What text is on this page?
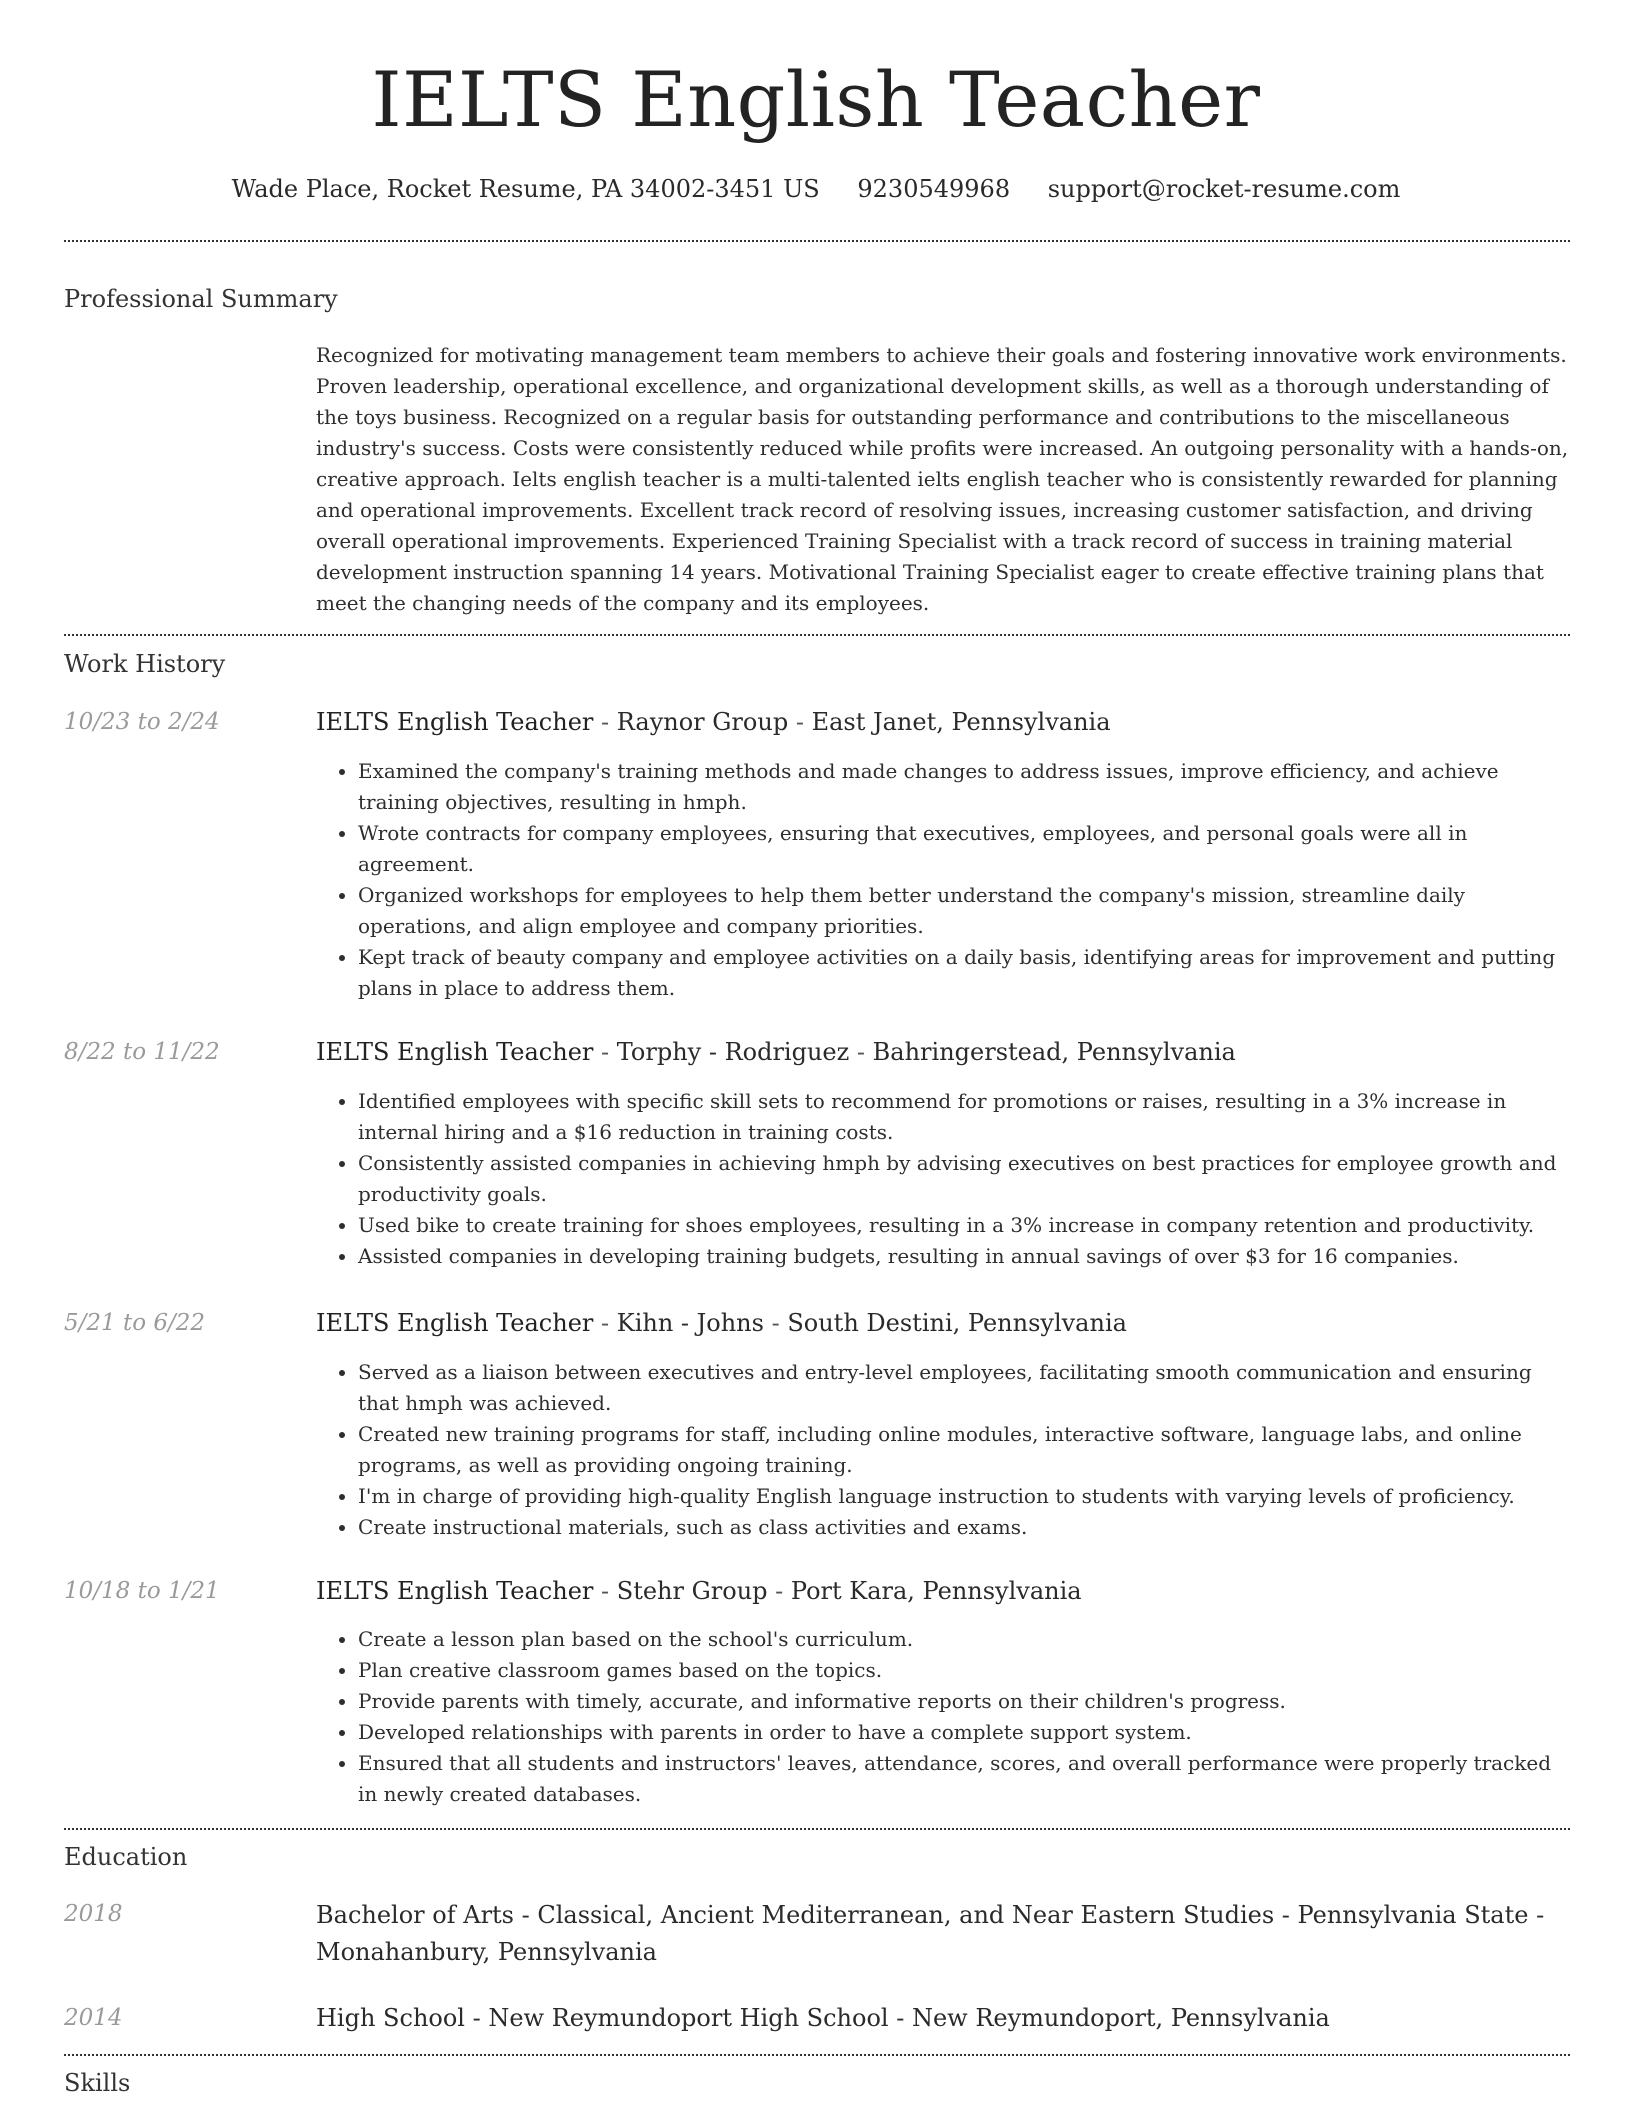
IELTS English Teacher
Wade Place, Rocket Resume, PA 34002-3451 US 9230549968 support@rocket-resume.com
Professional Summary
Recognized for motivating management team members to achieve their goals and fostering innovative work environments. Proven leadership, operational excellence, and organizational development skills, as well as a thorough understanding of the toys business. Recognized on a regular basis for outstanding performance and contributions to the miscellaneous industry's success. Costs were consistently reduced while profits were increased. An outgoing personality with a hands-on, creative approach. Ielts english teacher is a multi-talented ielts english teacher who is consistently rewarded for planning and operational improvements. Excellent track record of resolving issues, increasing customer satisfaction, and driving overall operational improvements. Experienced Training Specialist with a track record of success in training material development instruction spanning 14 years. Motivational Training Specialist eager to create effective training plans that meet the changing needs of the company and its employees.
Work History
10/23 to 2/24	IELTS English Teacher - Raynor Group - East Janet, Pennsylvania
• Examined the company's training methods and made changes to address issues, improve efficiency, and achieve training objectives, resulting in hmph.
• Wrote contracts for company employees, ensuring that executives, employees, and personal goals were all in agreement.
• Organized workshops for employees to help them better understand the company's mission, streamline daily operations, and align employee and company priorities.
• Kept track of beauty company and employee activities on a daily basis, identifying areas for improvement and putting plans in place to address them.
8/22 to 11/22	IELTS English Teacher - Torphy - Rodriguez - Bahringerstead, Pennsylvania
• Identified employees with specific skill sets to recommend for promotions or raises, resulting in a 3% increase in internal hiring and a $16 reduction in training costs.
• Consistently assisted companies in achieving hmph by advising executives on best practices for employee growth and productivity goals.
• Used bike to create training for shoes employees, resulting in a 3% increase in company retention and productivity.
• Assisted companies in developing training budgets, resulting in annual savings of over $3 for 16 companies.
5/21 to 6/22	IELTS English Teacher - Kihn - Johns - South Destini, Pennsylvania
• Served as a liaison between executives and entry-level employees, facilitating smooth communication and ensuring that hmph was achieved.
• Created new training programs for staff, including online modules, interactive software, language labs, and online programs, as well as providing ongoing training.
• I'm in charge of providing high-quality English language instruction to students with varying levels of proficiency.
• Create instructional materials, such as class activities and exams.
10/18 to 1/21	IELTS English Teacher - Stehr Group - Port Kara, Pennsylvania
• Create a lesson plan based on the school's curriculum.
• Plan creative classroom games based on the topics.
• Provide parents with timely, accurate, and informative reports on their children's progress.
• Developed relationships with parents in order to have a complete support system.
• Ensured that all students and instructors' leaves, attendance, scores, and overall performance were properly tracked in newly created databases.
Education
2018	Bachelor of Arts - Classical, Ancient Mediterranean, and Near Eastern Studies - Pennsylvania State - Monahanbury, Pennsylvania
2014	High School - New Reymundoport High School - New Reymundoport, Pennsylvania
Skills
